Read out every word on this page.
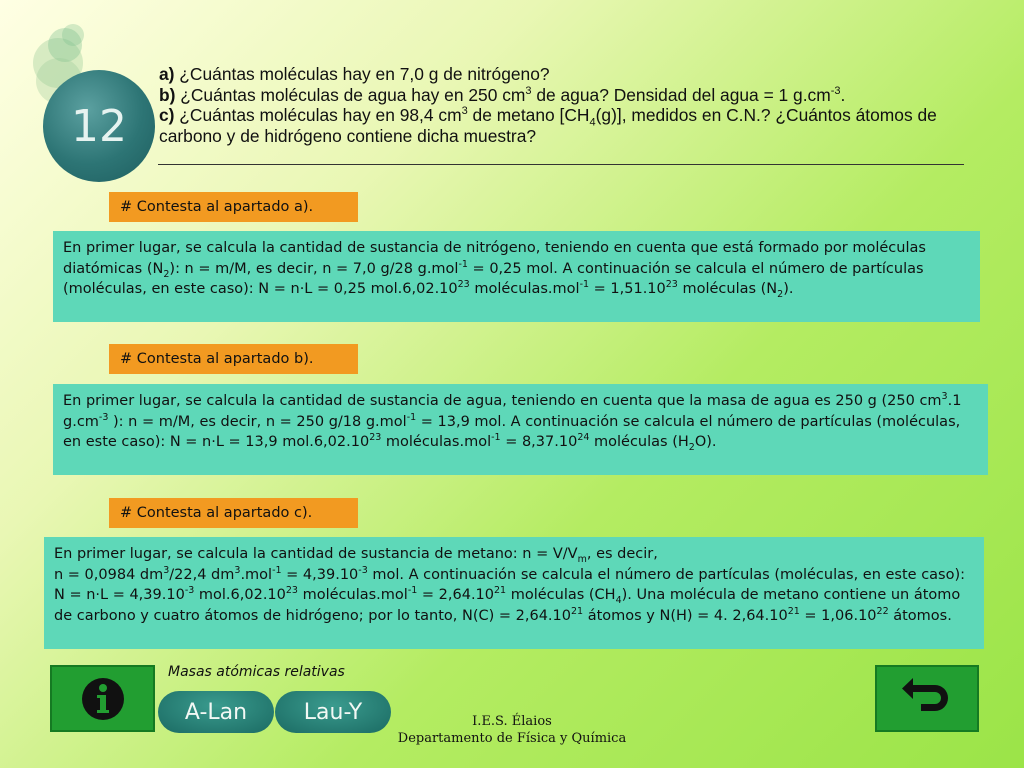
12
a) ¿Cuántas moléculas hay en 7,0 g de nitrógeno?
b) ¿Cuántas moléculas de agua hay en 250 $cm^3$ de agua? Densidad del agua = 1 $g.cm^{-3}$.
c) ¿Cuántas moléculas hay en 98,4 $cm^3$ de metano $[CH_4(g)]$, medidos en C.N.? ¿Cuántos átomos de carbono y de hidrógeno contiene dicha muestra?
# Contesta al apartado a).
En primer lugar, se calcula la cantidad de sustancia de nitrógeno, teniendo en cuenta que está formado por moléculas diatómicas $(N_2)$: n = m/M, es decir, n = 7,0 g/28 g.mol$^{-1}$ = 0,25 mol. A continuación se calcula el número de partículas (moléculas, en este caso): N = n·L = 0,25 mol.6,02.10$^{23}$ moléculas.mol$^{-1}$ = $1,51.10^{23}$ moléculas $(N_2)$.
# Contesta al apartado b).
En primer lugar, se calcula la cantidad de sustancia de agua, teniendo en cuenta que la masa de agua es 250 g (250 $cm^3.1$ $g.cm^{-3}$ ): n = m/M, es decir, n = 250 g/18 g.mol$^{-1}$ = 13,9 mol. A continuación se calcula el número de partículas (moléculas, en este caso): N = n·L = 13,9 mol.6,02.10$^{23}$ moléculas.mol$^{-1}$ = $8,37.10^{24}$ moléculas $(H_2O)$.
# Contesta al apartado c).
En primer lugar, se calcula la cantidad de sustancia de metano: $n = V/V_m$, es decir,
n = 0,0984 $dm^3/22,4$ $dm^3.mol^{-1} = 4,39.10^{-3}$ mol. A continuación se calcula el número de partículas (moléculas, en este caso): $N = n\cdot L = 4,39.10^{-3}$ mol.6,02.10$^{23}$ moléculas.mol$^{-1}$ = $2,64.10^{21}$ moléculas $(CH_4)$. Una molécula de metano contiene un átomo de carbono y cuatro átomos de hidrógeno; por lo tanto, $N(C) = 2,64.10^{21}$ átomos y N(H) = 4. $2,64.10^{21} = 1,06.10^{22}$ átomos.
Masas atómicas relativas
A-Lan	Lau-Y	I.E.S. Élaios
Departamento de Física y Química
